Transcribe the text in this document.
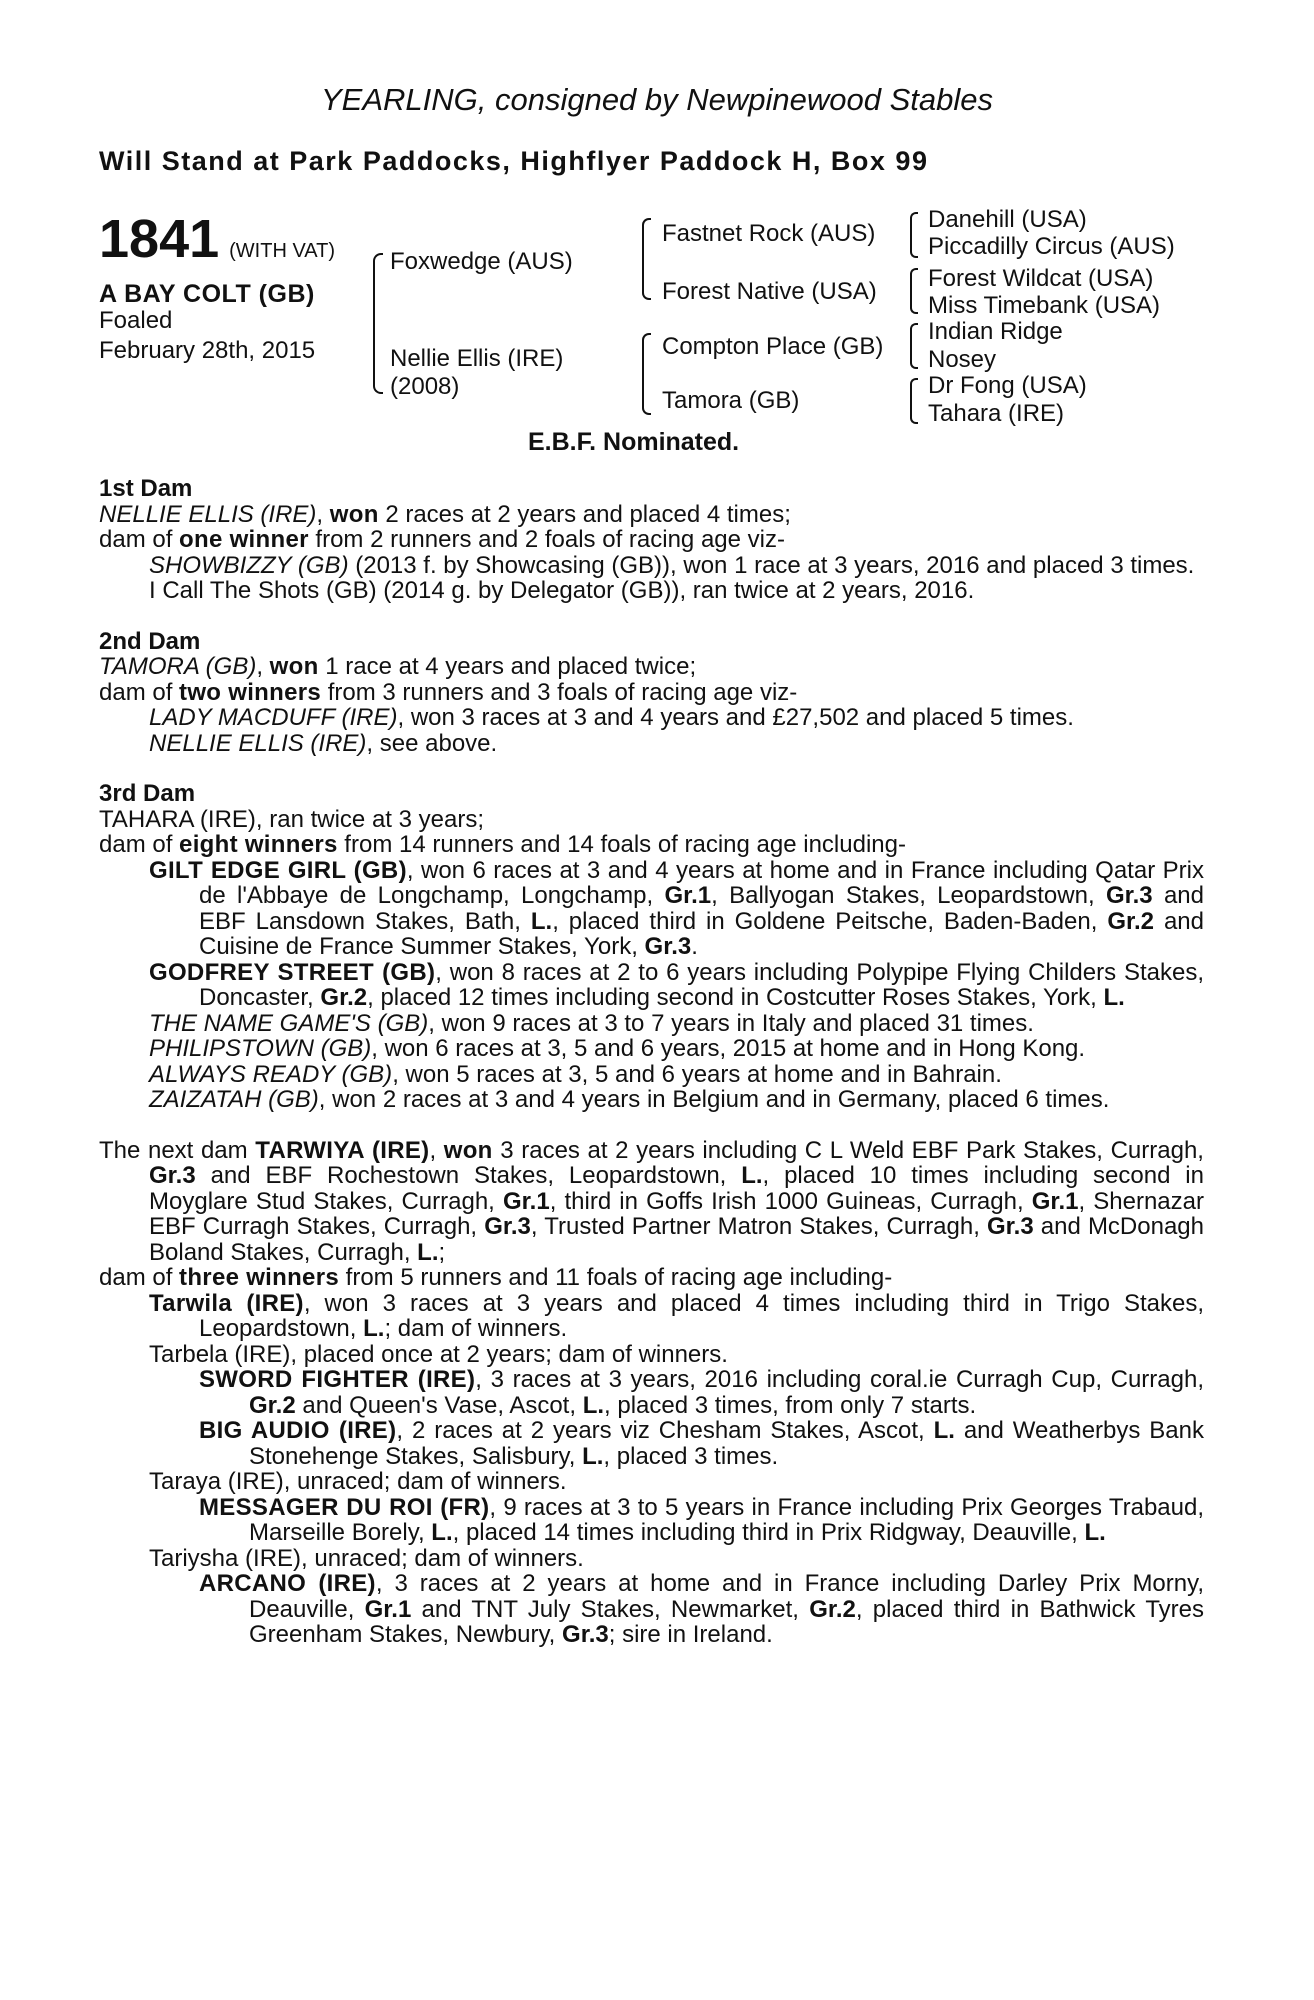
YEARLING, consigned by Newpinewood Stables
Will Stand at Park Paddocks, Highflyer Paddock H, Box 99
1841 (WITH VAT)
A BAY COLT (GB)
Foaled
February 28th, 2015
Foxwedge (AUS)
Nellie Ellis (IRE)
(2008)
Fastnet Rock (AUS)
Forest Native (USA)
Compton Place (GB)
Tamora (GB)
Danehill (USA)
Piccadilly Circus (AUS)
Forest Wildcat (USA)
Miss Timebank (USA)
Indian Ridge
Nosey
Dr Fong (USA)
Tahara (IRE)
E.B.F. Nominated.

1st Dam

NELLIE ELLIS (IRE), won 2 races at 2 years and placed 4 times;

dam of one winner from 2 runners and 2 foals of racing age viz-

SHOWBIZZY (GB) (2013 f. by Showcasing (GB)), won 1 race at 3 years, 2016 and placed 3 times.

I Call The Shots (GB) (2014 g. by Delegator (GB)), ran twice at 2 years, 2016.

2nd Dam

TAMORA (GB), won 1 race at 4 years and placed twice;

dam of two winners from 3 runners and 3 foals of racing age viz-

LADY MACDUFF (IRE), won 3 races at 3 and 4 years and £27,502 and placed 5 times.

NELLIE ELLIS (IRE), see above.

3rd Dam

TAHARA (IRE), ran twice at 3 years;

dam of eight winners from 14 runners and 14 foals of racing age including-

GILT EDGE GIRL (GB), won 6 races at 3 and 4 years at home and in France including Qatar Prix de l'Abbaye de Longchamp, Longchamp, Gr.1, Ballyogan Stakes, Leopardstown, Gr.3 and EBF Lansdown Stakes, Bath, L., placed third in Goldene Peitsche, Baden-Baden, Gr.2 and Cuisine de France Summer Stakes, York, Gr.3.

GODFREY STREET (GB), won 8 races at 2 to 6 years including Polypipe Flying Childers Stakes, Doncaster, Gr.2, placed 12 times including second in Costcutter Roses Stakes, York, L.

THE NAME GAME'S (GB), won 9 races at 3 to 7 years in Italy and placed 31 times.

PHILIPSTOWN (GB), won 6 races at 3, 5 and 6 years, 2015 at home and in Hong Kong.

ALWAYS READY (GB), won 5 races at 3, 5 and 6 years at home and in Bahrain.

ZAIZATAH (GB), won 2 races at 3 and 4 years in Belgium and in Germany, placed 6 times.

The next dam TARWIYA (IRE), won 3 races at 2 years including C L Weld EBF Park Stakes, Curragh, Gr.3 and EBF Rochestown Stakes, Leopardstown, L., placed 10 times including second in Moyglare Stud Stakes, Curragh, Gr.1, third in Goffs Irish 1000 Guineas, Curragh, Gr.1, Shernazar EBF Curragh Stakes, Curragh, Gr.3, Trusted Partner Matron Stakes, Curragh, Gr.3 and McDonagh Boland Stakes, Curragh, L.;

dam of three winners from 5 runners and 11 foals of racing age including-

Tarwila (IRE), won 3 races at 3 years and placed 4 times including third in Trigo Stakes, Leopardstown, L.; dam of winners.

Tarbela (IRE), placed once at 2 years; dam of winners.

SWORD FIGHTER (IRE), 3 races at 3 years, 2016 including coral.ie Curragh Cup, Curragh, Gr.2 and Queen's Vase, Ascot, L., placed 3 times, from only 7 starts.

BIG AUDIO (IRE), 2 races at 2 years viz Chesham Stakes, Ascot, L. and Weatherbys Bank Stonehenge Stakes, Salisbury, L., placed 3 times.

Taraya (IRE), unraced; dam of winners.

MESSAGER DU ROI (FR), 9 races at 3 to 5 years in France including Prix Georges Trabaud, Marseille Borely, L., placed 14 times including third in Prix Ridgway, Deauville, L.

Tariysha (IRE), unraced; dam of winners.

ARCANO (IRE), 3 races at 2 years at home and in France including Darley Prix Morny, Deauville, Gr.1 and TNT July Stakes, Newmarket, Gr.2, placed third in Bathwick Tyres Greenham Stakes, Newbury, Gr.3; sire in Ireland.
